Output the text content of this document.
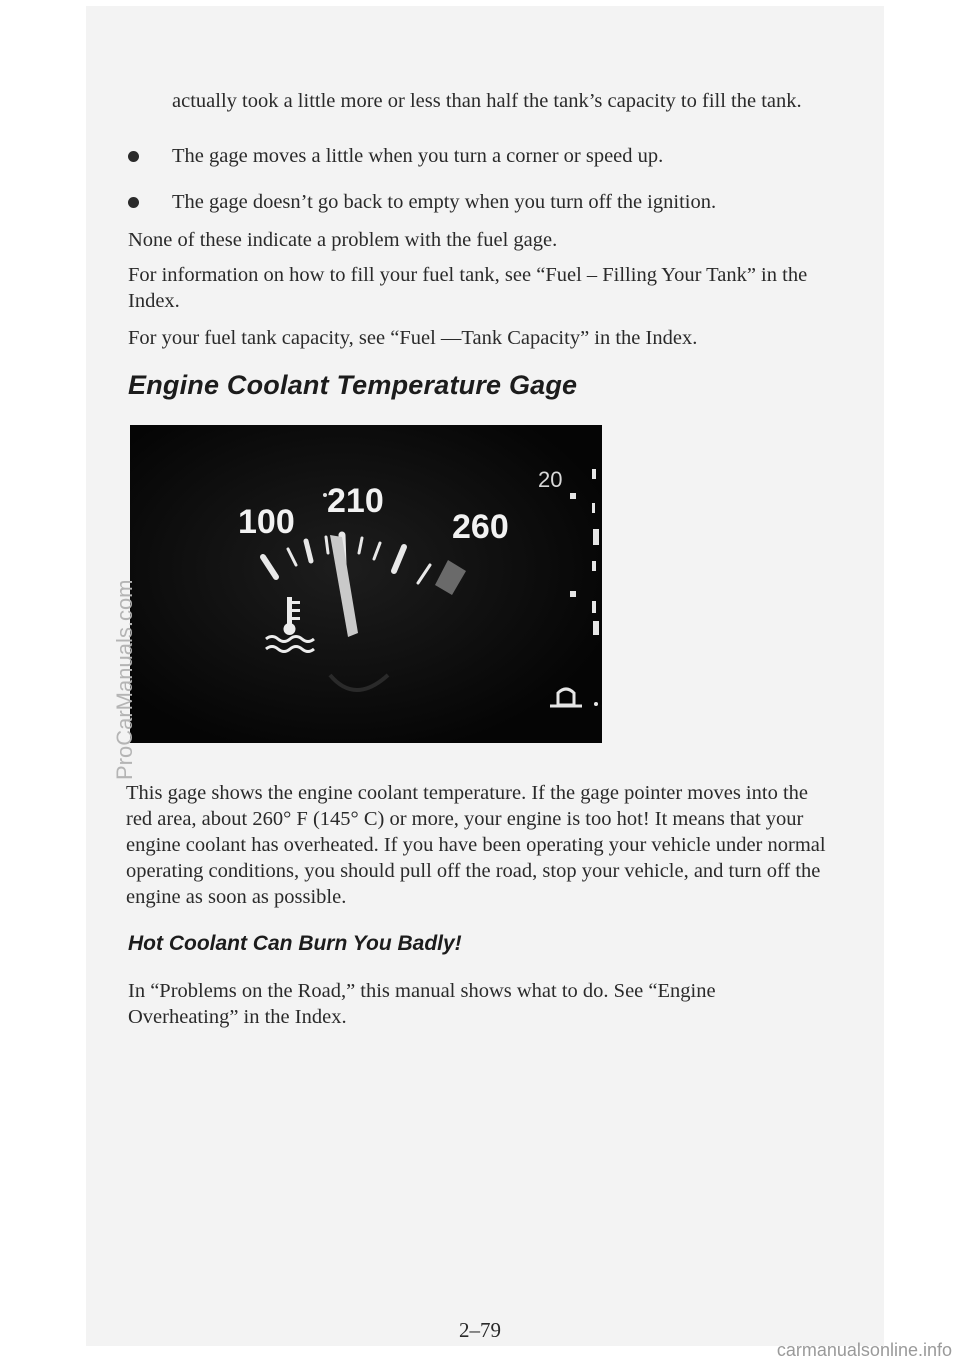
actually took a little more or less than half the tank’s capacity to fill the tank.

The gage moves a little when you turn a corner or speed up.
The gage doesn’t go back to empty when you turn off the ignition.

None of these indicate a problem with the fuel gage.

For information on how to fill your fuel tank, see “Fuel – Filling Your Tank” in the Index.

For your fuel tank capacity, see “Fuel —Tank Capacity” in the Index.

Engine Coolant Temperature Gage
100
210
260
20

This gage shows the engine coolant temperature. If the gage pointer moves into the red area, about 260° F (145° C) or more, your engine is too hot! It means that your engine coolant has overheated. If you have been operating your vehicle under normal operating conditions, you should pull off the road, stop your vehicle, and turn off the engine as soon as possible.

Hot Coolant Can Burn You Badly!

In “Problems on the Road,” this manual shows what to do. See “Engine Overheating” in the Index.

2–79
carmanualsonline.info
